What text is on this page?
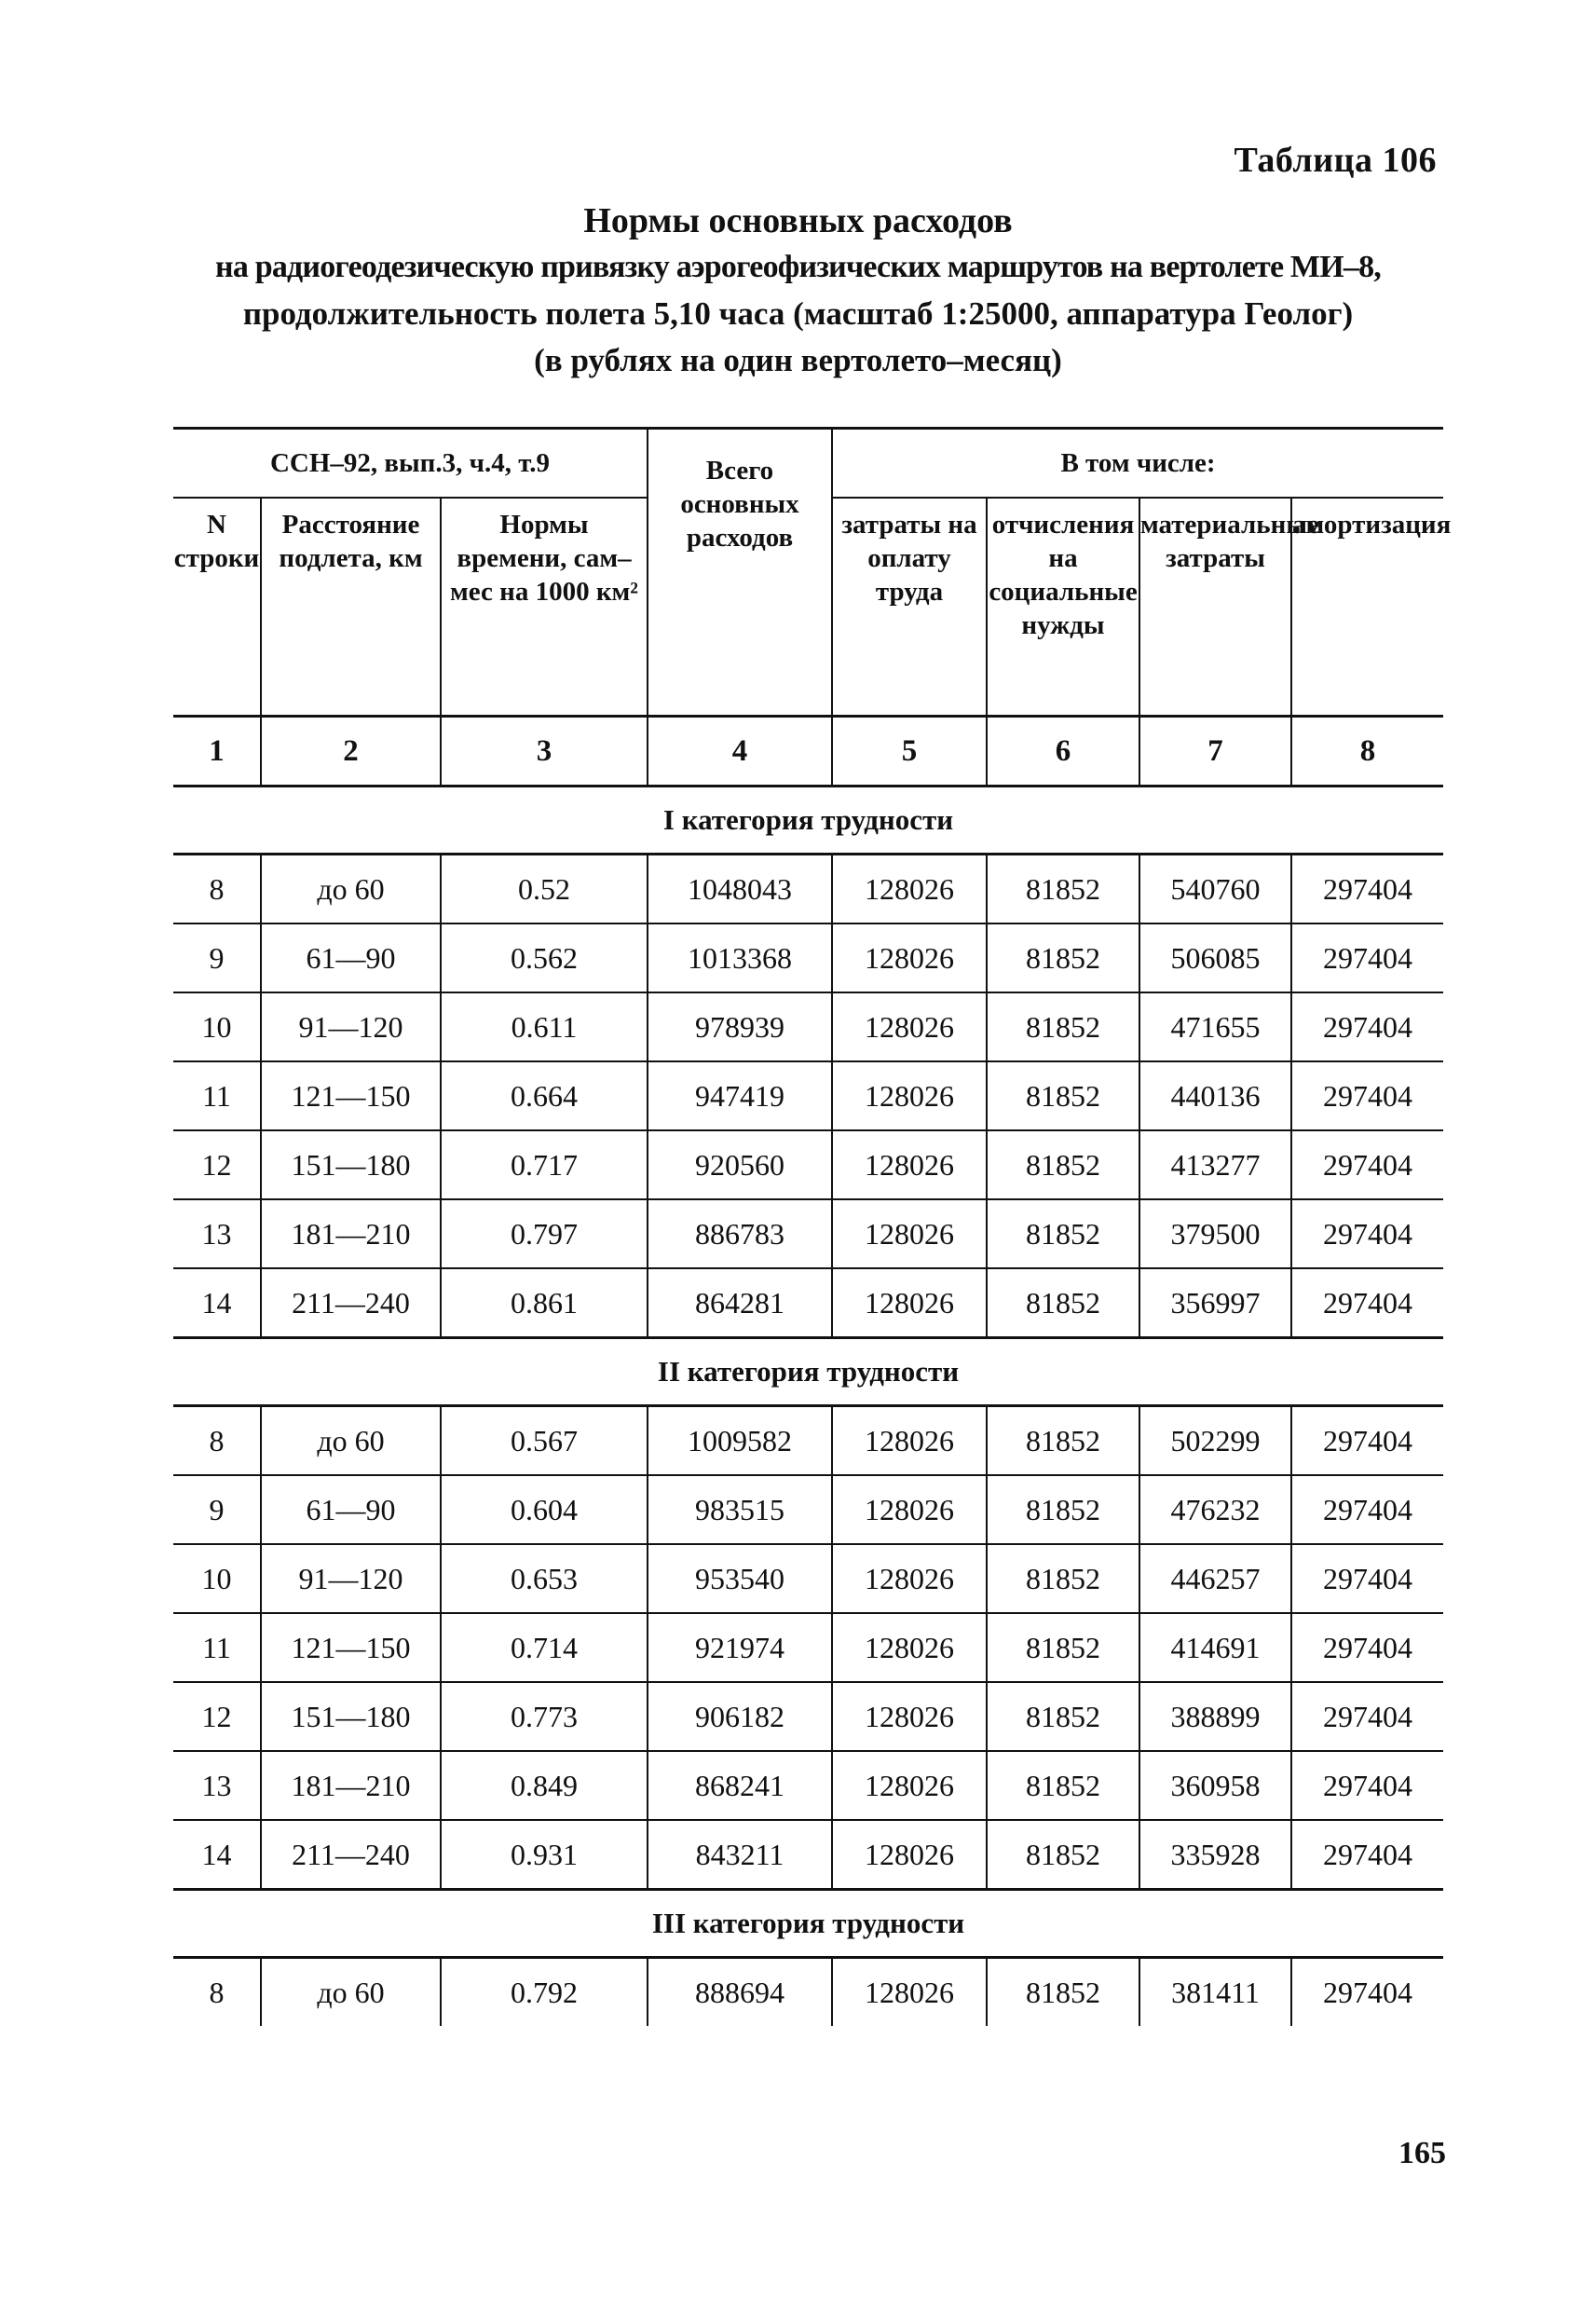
Таблица 106
Нормы основных расходов
на радиогеодезическую привязку аэрогеофизических маршрутов на вертолете МИ–8,
продолжительность полета 5,10 часа (масштаб 1:25000, аппаратура Геолог)
(в рублях на один вертолето–месяц)
ССН–92, вып.3, ч.4, т.9			Всего основных расходов	В том числе:			
N строки	Расстояние подлета, км	Нормы времени, сам–мес на 1000 км²		затраты на оплату труда	отчисления на социальные нужды	материальные затраты	амортизация
1	2	3	4	5	6	7	8
I категория трудности							
8	до 60	0.52	1048043	128026	81852	540760	297404
9	61—90	0.562	1013368	128026	81852	506085	297404
10	91—120	0.611	978939	128026	81852	471655	297404
11	121—150	0.664	947419	128026	81852	440136	297404
12	151—180	0.717	920560	128026	81852	413277	297404
13	181—210	0.797	886783	128026	81852	379500	297404
14	211—240	0.861	864281	128026	81852	356997	297404
II категория трудности							
8	до 60	0.567	1009582	128026	81852	502299	297404
9	61—90	0.604	983515	128026	81852	476232	297404
10	91—120	0.653	953540	128026	81852	446257	297404
11	121—150	0.714	921974	128026	81852	414691	297404
12	151—180	0.773	906182	128026	81852	388899	297404
13	181—210	0.849	868241	128026	81852	360958	297404
14	211—240	0.931	843211	128026	81852	335928	297404
III категория трудности							
8	до 60	0.792	888694	128026	81852	381411	297404
165
